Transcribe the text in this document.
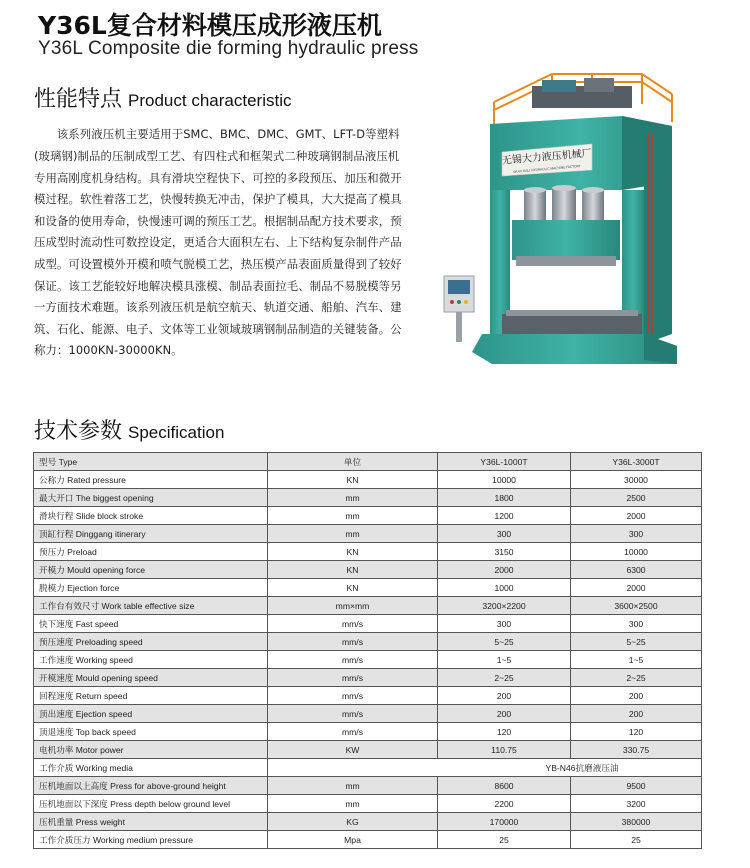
Y36L复合材料模压成形液压机
Y36L Composite die forming hydraulic press
性能特点 Product characteristic

该系列液压机主要适用于SMC、BMC、DMC、GMT、LFT-D等塑料(玻璃钢)制品的压制成型工艺、有四柱式和框架式二种玻璃钢制品液压机专用高刚度机身结构。具有滑块空程快下、可控的多段预压、加压和微开模过程。软性着落工艺，快慢转换无冲击，保护了模具，大大提高了模具和设备的使用寿命，快慢速可调的预压工艺。根据制品配方技术要求，预压成型时流动性可数控设定，更适合大面积左右、上下结构复杂制件产品成型。可设置模外开模和喷气脱模工艺，热压模产品表面质量得到了较好保证。该工艺能较好地解决模具涨模、制品表面拉毛、制品不易脱模等另一方面技术难题。该系列液压机是航空航天、轨道交通、船舶、汽车、建筑、石化、能源、电子、文体等工业领域玻璃钢制品制造的关键装备。公称力：1000KN-30000KN。

无锡大力液压机械厂
WUXI DALI HYDRAULIC MACHINE FACTORY
技术参数 Specification
型号 Type	单位	Y36L-1000T	Y36L-3000T
公称力 Rated pressure	KN	10000	30000
最大开口 The biggest opening	mm	1800	2500
滑块行程 Slide block stroke	mm	1200	2000
顶缸行程 Dinggang itinerary	mm	300	300
预压力 Preload	KN	3150	10000
开模力 Mould opening force	KN	2000	6300
脱模力 Ejection force	KN	1000	2000
工作台有效尺寸 Work table effective size	mm×mm	3200×2200	3600×2500
快下速度 Fast speed	mm/s	300	300
预压速度 Preloading speed	mm/s	5~25	5~25
工作速度 Working speed	mm/s	1~5	1~5
开模速度 Mould opening speed	mm/s	2~25	2~25
回程速度 Return speed	mm/s	200	200
顶出速度 Ejection speed	mm/s	200	200
顶退速度 Top back speed	mm/s	120	120
电机功率 Motor power	KW	110.75	330.75
工作介质 Working media	YB-N46抗磨液压油		
压机地面以上高度 Press for above-ground height	mm	8600	9500
压机地面以下深度 Press depth below ground level	mm	2200	3200
压机重量 Press weight	KG	170000	380000
工作介质压力 Working medium pressure	Mpa	25	25
